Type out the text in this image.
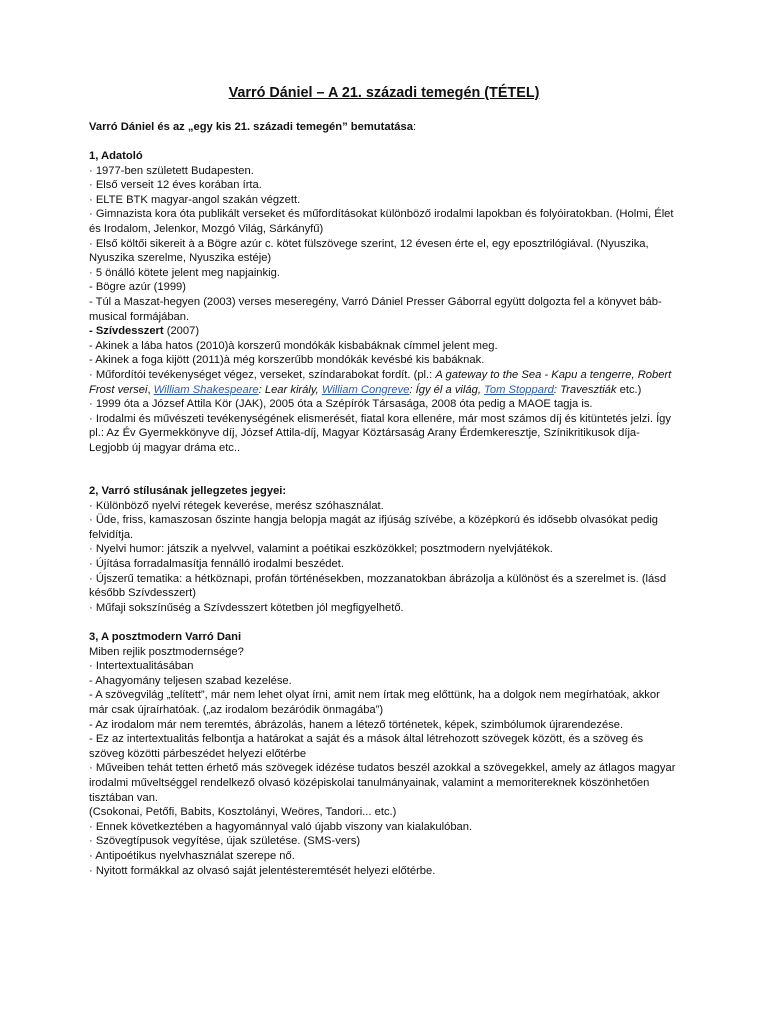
Varró Dániel – A 21. századi temegén (TÉTEL)

Varró Dániel és az „egy kis 21. századi temegén” bemutatása:

1, Adatoló

· 1977-ben született Budapesten.

· Első verseit 12 éves korában írta.

· ELTE BTK magyar-angol szakán végzett.

· Gimnazista kora óta publikált verseket és műfordításokat különböző irodalmi lapokban és folyóiratokban. (Holmi, Élet és Irodalom, Jelenkor, Mozgó Világ, Sárkányfű)

· Első költői sikereit à a Bögre azúr c. kötet fülszövege szerint, 12 évesen érte el, egy eposztrilógiával. (Nyuszika, Nyuszika szerelme, Nyuszika estéje)

· 5 önálló kötete jelent meg napjainkig.

- Bögre azúr (1999)

- Túl a Maszat-hegyen (2003) verses meseregény, Varró Dániel Presser Gáborral együtt dolgozta fel a könyvet báb-musical formájában.

- Szívdesszert (2007)

- Akinek a lába hatos (2010)à korszerű mondókák kisbabáknak címmel jelent meg.

- Akinek a foga kijött (2011)à még korszerűbb mondókák kevésbé kis babáknak.

· Műfordítói tevékenységet végez, verseket, színdarabokat fordít. (pl.: A gateway to the Sea - Kapu a tengerre, Robert Frost versei, William Shakespeare: Lear király, William Congreve: Így él a világ, Tom Stoppard: Travesztiák etc.)

· 1999 óta a József Attila Kör (JAK), 2005 óta a Szépírók Társasága, 2008 óta pedig a MAOE tagja is.

· Irodalmi és művészeti tevékenységének elismerését, fiatal kora ellenére, már most számos díj és kitüntetés jelzi. Így pl.: Az Év Gyermekkönyve díj, József Attila-díj, Magyar Köztársaság Arany Érdemkeresztje, Színikritikusok díja- Legjobb új magyar dráma etc..

2, Varró stílusának jellegzetes jegyei:

· Különböző nyelvi rétegek keverése, merész szóhasználat.

· Üde, friss, kamaszosan őszinte hangja belopja magát az ifjúság szívébe, a középkorú és idősebb olvasókat pedig felvidítja.

· Nyelvi humor: játszik a nyelvvel, valamint a poétikai eszközökkel; posztmodern nyelvjátékok.

· Újítása forradalmasítja fennálló irodalmi beszédet.

· Újszerű tematika: a hétköznapi, profán történésekben, mozzanatokban ábrázolja a különöst és a szerelmet is. (lásd később Szívdesszert)

· Műfaji sokszínűség a Szívdesszert kötetben jól megfigyelhető.

3, A posztmodern Varró Dani

Miben rejlik posztmodernsége?

· Intertextualitásában

- Ahagyomány teljesen szabad kezelése.

- A szövegvilág „telített”, már nem lehet olyat írni, amit nem írtak meg előttünk, ha a dolgok nem megírhatóak, akkor már csak újraírhatóak. („az irodalom bezáródik önmagába”)

- Az irodalom már nem teremtés, ábrázolás, hanem a létező történetek, képek, szimbólumok újrarendezése.

- Ez az intertextualitás felbontja a határokat a saját és a mások által létrehozott szövegek között, és a szöveg és szöveg közötti párbeszédet helyezi előtérbe

· Műveiben tehát tetten érhető más szövegek idézése tudatos beszél azokkal a szövegekkel, amely az átlagos magyar irodalmi műveltséggel rendelkező olvasó középiskolai tanulmányainak, valamint a memoritereknek köszönhetően tisztában van.

(Csokonai, Petőfi, Babits, Kosztolányi, Weöres, Tandori... etc.)

· Ennek következtében a hagyománnyal való újabb viszony van kialakulóban.

· Szövegtípusok vegyítése, újak születése. (SMS-vers)

· Antipoétikus nyelvhasználat szerepe nő.

· Nyitott formákkal az olvasó saját jelentésteremtését helyezi előtérbe.
